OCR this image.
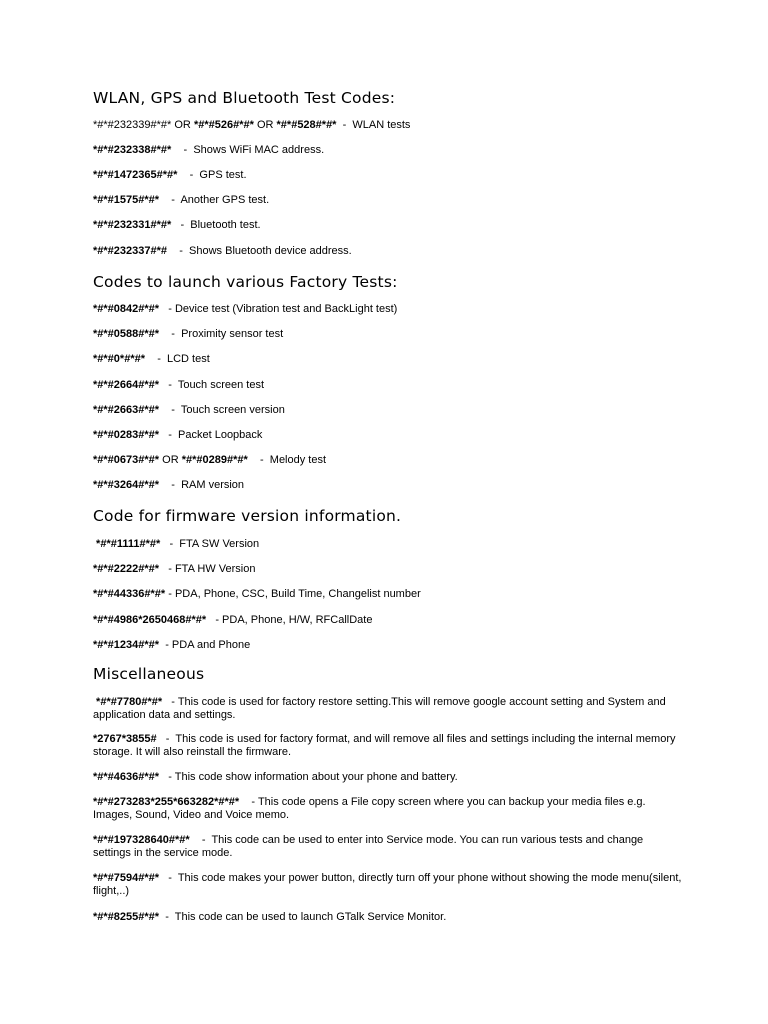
WLAN, GPS and Bluetooth Test Codes:
*#*#232339#*#* OR *#*#526#*#* OR *#*#528#*#*  -  WLAN tests
*#*#232338#*#*    -  Shows WiFi MAC address.
*#*#1472365#*#*    -  GPS test.
*#*#1575#*#*    -  Another GPS test.
*#*#232331#*#*   -  Bluetooth test.
*#*#232337#*#    -  Shows Bluetooth device address.
Codes to launch various Factory Tests:
*#*#0842#*#*   - Device test (Vibration test and BackLight test)
*#*#0588#*#*    -  Proximity sensor test
*#*#0*#*#*    -  LCD test
*#*#2664#*#*   -  Touch screen test
*#*#2663#*#*    -  Touch screen version
*#*#0283#*#*   -  Packet Loopback
*#*#0673#*#* OR *#*#0289#*#*    -  Melody test
*#*#3264#*#*    -  RAM version
Code for firmware version information.
*#*#1111#*#*   -  FTA SW Version
*#*#2222#*#*   - FTA HW Version
*#*#44336#*#* - PDA, Phone, CSC, Build Time, Changelist number
*#*#4986*2650468#*#*   - PDA, Phone, H/W, RFCallDate
*#*#1234#*#*  - PDA and Phone
Miscellaneous
*#*#7780#*#*   - This code is used for factory restore setting.This will remove google account setting and System and application data and settings.
*2767*3855#   -  This code is used for factory format, and will remove all files and settings including the internal memory storage. It will also reinstall the firmware.
*#*#4636#*#*   - This code show information about your phone and battery.
*#*#273283*255*663282*#*#*    - This code opens a File copy screen where you can backup your media files e.g. Images, Sound, Video and Voice memo.
*#*#197328640#*#*    -  This code can be used to enter into Service mode. You can run various tests and change settings in the service mode.
*#*#7594#*#*   -  This code makes your power button, directly turn off your phone without showing the mode menu(silent, flight,..)
*#*#8255#*#*  -  This code can be used to launch GTalk Service Monitor.
